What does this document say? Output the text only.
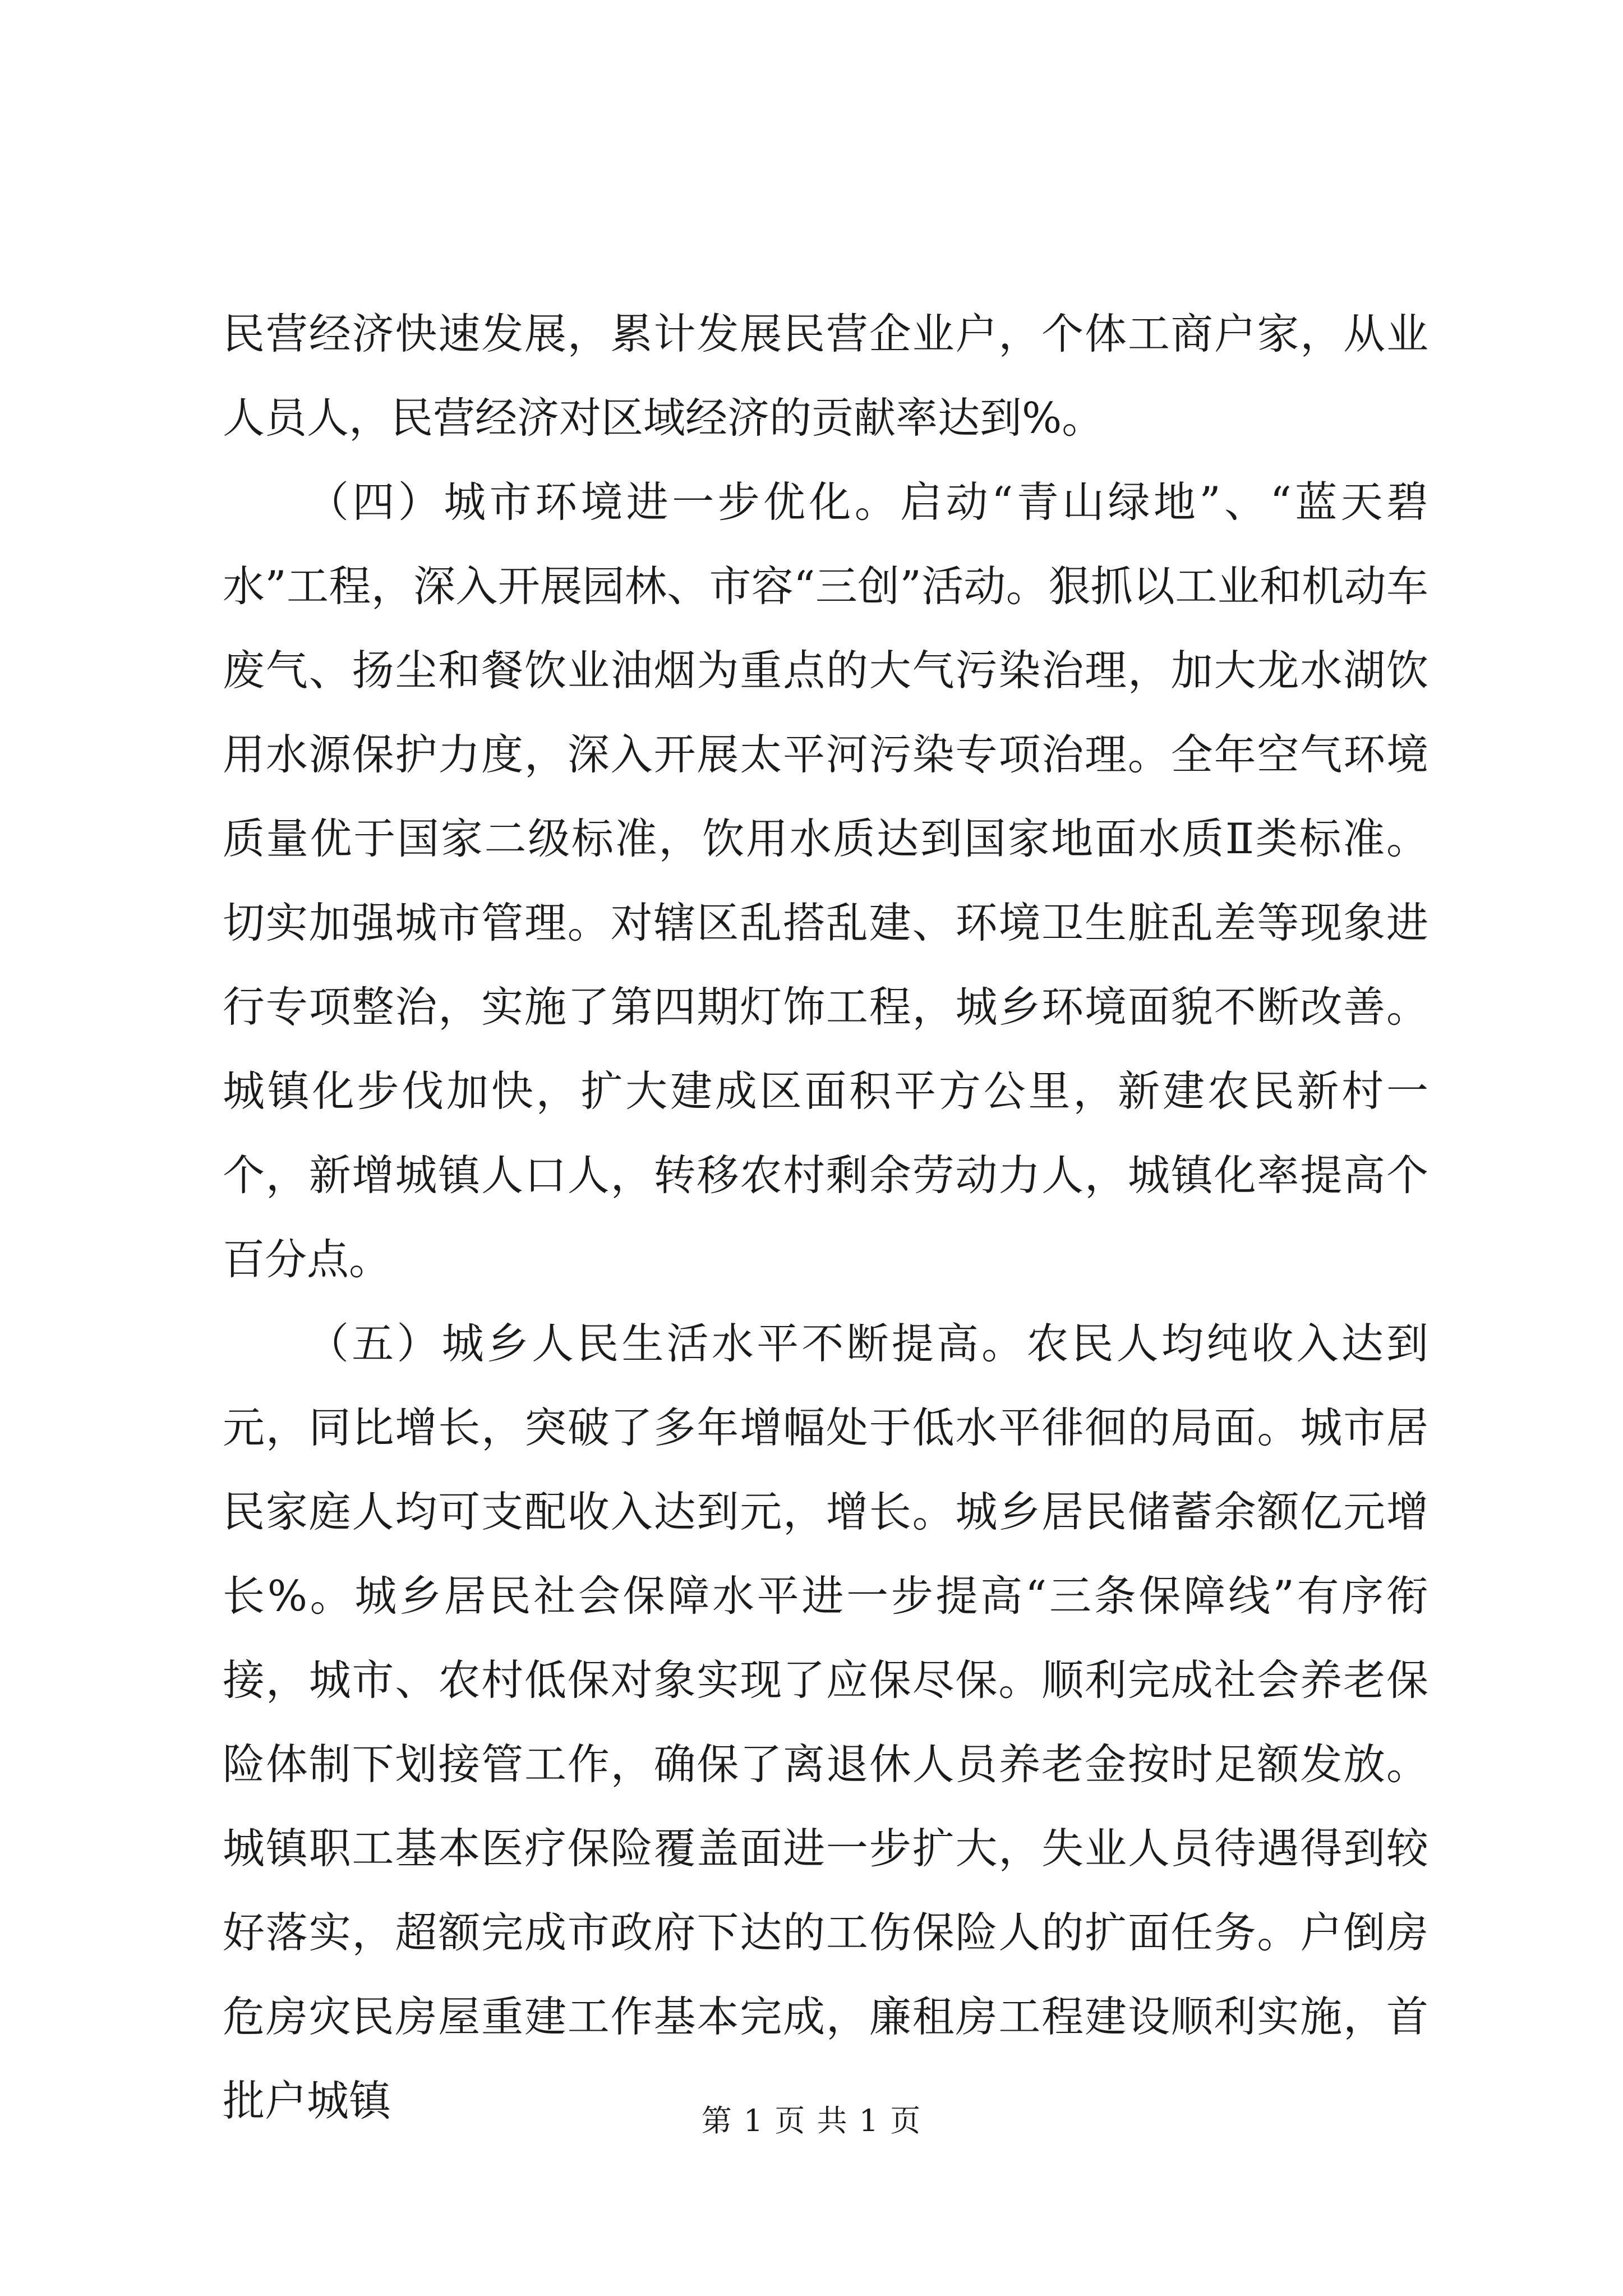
民营经济快速发展，累计发展民营企业户，个体工商户家，从业人员人，民营经济对区域经济的贡献率达到%。

（四）城市环境进一步优化。启动“青山绿地”、“蓝天碧水”工程，深入开展园林、市容“三创”活动。狠抓以工业和机动车废气、扬尘和餐饮业油烟为重点的大气污染治理，加大龙水湖饮用水源保护力度，深入开展太平河污染专项治理。全年空气环境质量优于国家二级标准，饮用水质达到国家地面水质Ⅱ类标准。切实加强城市管理。对辖区乱搭乱建、环境卫生脏乱差等现象进行专项整治，实施了第四期灯饰工程，城乡环境面貌不断改善。城镇化步伐加快，扩大建成区面积平方公里，新建农民新村一个，新增城镇人口人，转移农村剩余劳动力人，城镇化率提高个百分点。

（五）城乡人民生活水平不断提高。农民人均纯收入达到元，同比增长，突破了多年增幅处于低水平徘徊的局面。城市居民家庭人均可支配收入达到元，增长。城乡居民储蓄余额亿元增长%。城乡居民社会保障水平进一步提高“三条保障线”有序衔接，城市、农村低保对象实现了应保尽保。顺利完成社会养老保险体制下划接管工作，确保了离退休人员养老金按时足额发放。城镇职工基本医疗保险覆盖面进一步扩大，失业人员待遇得到较好落实，超额完成市政府下达的工伤保险人的扩面任务。户倒房危房灾民房屋重建工作基本完成，廉租房工程建设顺利实施，首批户城镇	第 1 页 共 1 页
